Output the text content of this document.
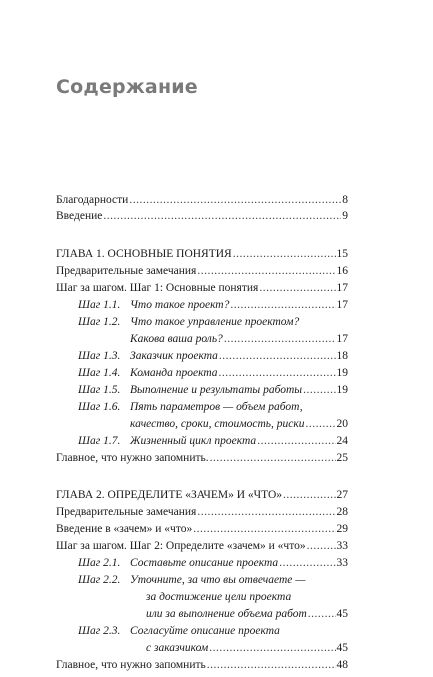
Содержание
Благодарности .....	8
Введение .....	9
ГЛАВА 1. ОСНОВНЫЕ ПОНЯТИЯ .....	15
Предварительные замечания .....	16
Шаг за шагом. Шаг 1: Основные понятия .....	17
Шаг 1.1. Что такое проект? .....	17
Шаг 1.2. Что такое управление проектом?
Какова ваша роль? .....	17
Шаг 1.3. Заказчик проекта .....	18
Шаг 1.4. Команда проекта .....	19
Шаг 1.5. Выполнение и результаты работы .....	19
Шаг 1.6. Пять параметров — объем работ,
качество, сроки, стоимость, риски .....	20
Шаг 1.7. Жизненный цикл проекта .....	24
Главное, что нужно запомнить. .....	25
ГЛАВА 2. ОПРЕДЕЛИТЕ «ЗАЧЕМ» И «ЧТО» .....	27
Предварительные замечания .....	28
Введение в «зачем» и «что» .....	29
Шаг за шагом. Шаг 2: Определите «зачем» и «что» .....	33
Шаг 2.1. Составьте описание проекта .....	33
Шаг 2.2. Уточните, за что вы отвечаете —
за достижение цели проекта
или за выполнение объема работ .....	45
Шаг 2.3. Согласуйте описание проекта
с заказчиком .....	45
Главное, что нужно запомнить .....	48
